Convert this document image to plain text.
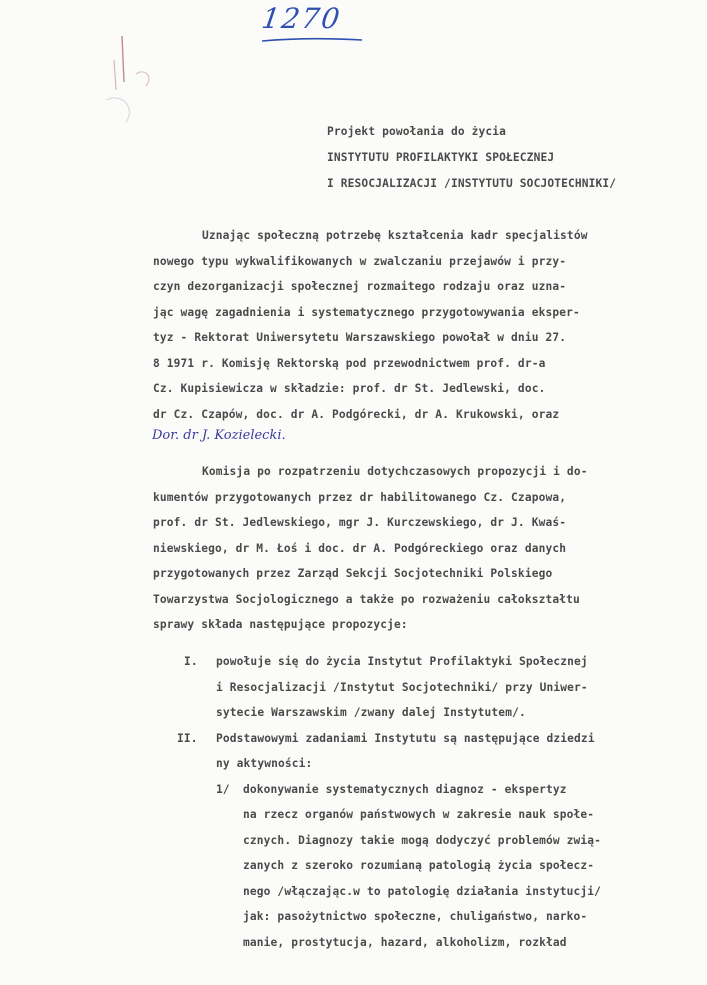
1270
Projekt powołania do życia
INSTYTUTU PROFILAKTYKI SPOŁECZNEJ
I RESOCJALIZACJI /INSTYTUTU SOCJOTECHNIKI/
Uznając społeczną potrzebę kształcenia kadr specjalistów
nowego typu wykwalifikowanych w zwalczaniu przejawów i przy-
czyn dezorganizacji społecznej rozmaitego rodzaju oraz uzna-
jąc wagę zagadnienia i systematycznego przygotowywania eksper-
tyz - Rektorat Uniwersytetu Warszawskiego powołał w dniu 27.
8 1971 r. Komisję Rektorską pod przewodnictwem prof. dr-a
Cz. Kupisiewicza w składzie: prof. dr St. Jedlewski, doc.
dr Cz. Czapów, doc. dr A. Podgórecki, dr A. Krukowski, oraz
Dor. dr J. Kozielecki.
Komisja po rozpatrzeniu dotychczasowych propozycji i do-
kumentów przygotowanych przez dr habilitowanego Cz. Czapowa,
prof. dr St. Jedlewskiego, mgr J. Kurczewskiego, dr J. Kwaś-
niewskiego, dr M. Łoś i doc. dr A. Podgóreckiego oraz danych
przygotowanych przez Zarząd Sekcji Socjotechniki Polskiego
Towarzystwa Socjologicznego a także po rozważeniu całokształtu
sprawy składa następujące propozycje:
I. powołuje się do życia Instytut Profilaktyki Społecznej
i Resocjalizacji /Instytut Socjotechniki/ przy Uniwer-
sytecie Warszawskim /zwany dalej Instytutem/.
II. Podstawowymi zadaniami Instytutu są następujące dziedzi
ny aktywności:
1/ dokonywanie systematycznych diagnoz - ekspertyz
na rzecz organów państwowych w zakresie nauk społe-
cznych. Diagnozy takie mogą dodyczyć problemów zwią-
zanych z szeroko rozumianą patologią życia społecz-
nego /włączając.w to patologię działania instytucji/
jak: pasożytnictwo społeczne, chuligaństwo, narko-
manie, prostytucja, hazard, alkoholizm, rozkład
